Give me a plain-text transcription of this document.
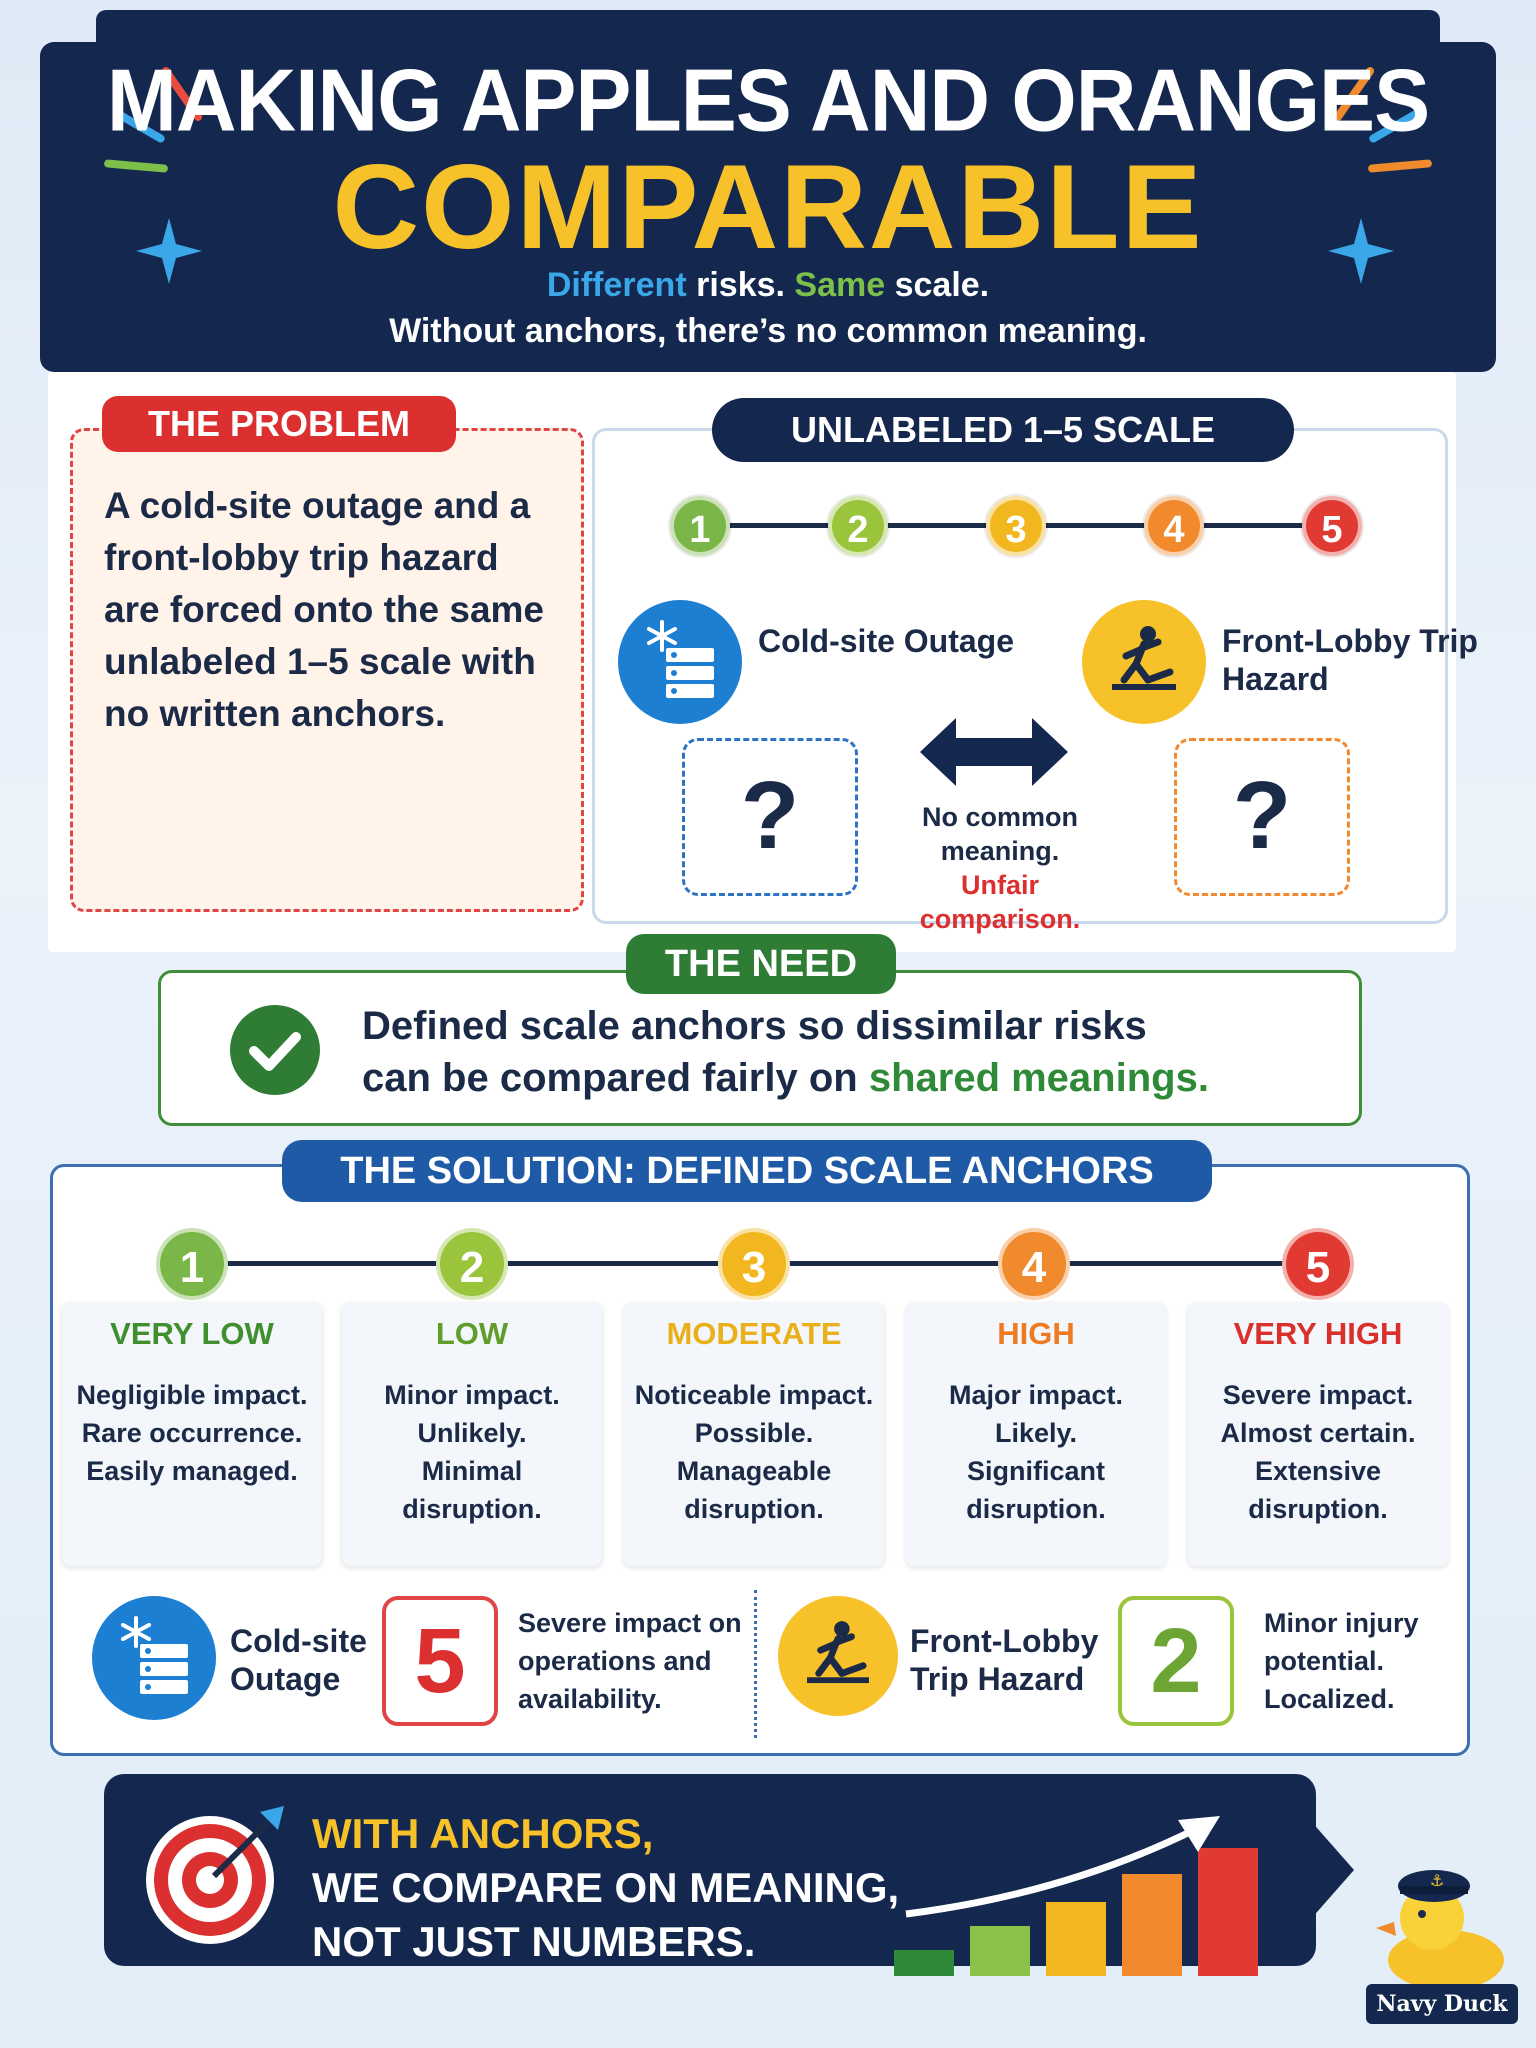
MAKING APPLES AND ORANGES
COMPARABLE
Different risks. Same scale.
Without anchors, there’s no common meaning.
THE PROBLEM
A cold-site outage and a front-lobby trip hazard are forced onto the same unlabeled 1–5 scale with no written anchors.
UNLABELED 1–5 SCALE
1	2	3	4	5
Cold-site Outage	Front-Lobby Trip Hazard
?	?
No common
meaning.
Unfair
comparison.
THE NEED
Defined scale anchors so dissimilar risks
can be compared fairly on shared meanings.
THE SOLUTION: DEFINED SCALE ANCHORS
1	2	3	4	5
VERY LOW
Negligible impact.
Rare occurrence.
Easily managed.
LOW
Minor impact.
Unlikely.
Minimal
disruption.
MODERATE
Noticeable impact.
Possible.
Manageable
disruption.
HIGH
Major impact.
Likely.
Significant
disruption.
VERY HIGH
Severe impact.
Almost certain.
Extensive
disruption.
Cold-site
Outage 5	Severe impact on
operations and
availability.
Front-Lobby
Trip Hazard 2	Minor injury
potential.
Localized.
WITH ANCHORS,
WE COMPARE ON MEANING,
NOT JUST NUMBERS.
⚓
Navy Duck
